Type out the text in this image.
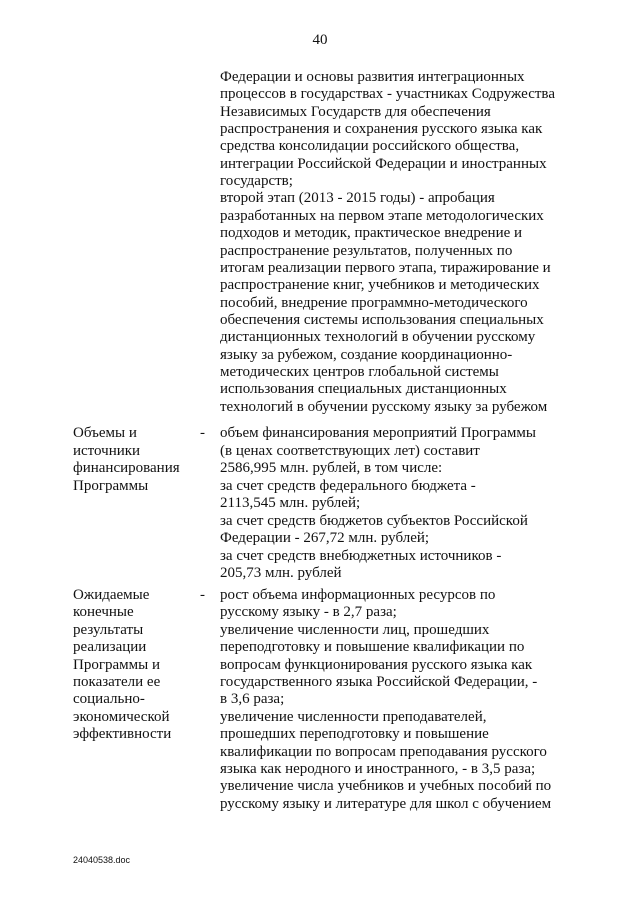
40
Федерации и основы развития интеграционных
процессов в государствах - участниках Содружества
Независимых Государств для обеспечения
распространения и сохранения русского языка как
средства консолидации российского общества,
интеграции Российской Федерации и иностранных
государств;
второй этап (2013 - 2015 годы) - апробация
разработанных на первом этапе методологических
подходов и методик, практическое внедрение и
распространение результатов, полученных по
итогам реализации первого этапа, тиражирование и
распространение книг, учебников и методических
пособий, внедрение программно-методического
обеспечения системы использования специальных
дистанционных технологий в обучении русскому
языку за рубежом, создание координационно-
методических центров глобальной системы
использования специальных дистанционных
технологий в обучении русскому языку за рубежом
-
Объемы и
источники
финансирования
Программы
объем финансирования мероприятий Программы
(в ценах соответствующих лет) составит
2586,995 млн. рублей, в том числе:
за счет средств федерального бюджета -
2113,545 млн. рублей;
за счет средств бюджетов субъектов Российской
Федерации - 267,72 млн. рублей;
за счет средств внебюджетных источников -
205,73 млн. рублей
-
Ожидаемые
конечные
результаты
реализации
Программы и
показатели ее
социально-
экономической
эффективности
рост объема информационных ресурсов по
русскому языку - в 2,7 раза;
увеличение численности лиц, прошедших
переподготовку и повышение квалификации по
вопросам функционирования русского языка как
государственного языка Российской Федерации, -
в 3,6 раза;
увеличение численности преподавателей,
прошедших переподготовку и повышение
квалификации по вопросам преподавания русского
языка как неродного и иностранного, - в 3,5 раза;
увеличение числа учебников и учебных пособий по
русскому языку и литературе для школ с обучением
24040538.doc
